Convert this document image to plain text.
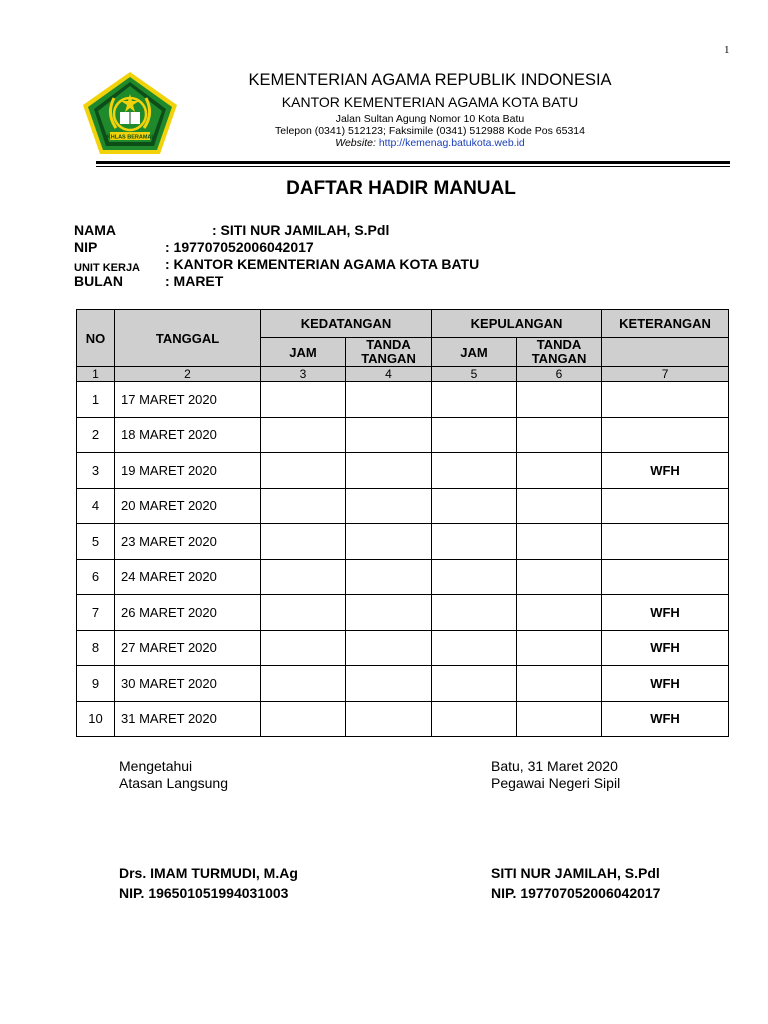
1
IKHLAS BERAMAL
KEMENTERIAN AGAMA REPUBLIK INDONESIA
KANTOR KEMENTERIAN AGAMA KOTA BATU
Jalan Sultan Agung Nomor 10 Kota Batu
Telepon (0341) 512123; Faksimile (0341) 512988 Kode Pos 65314
Website: http://kemenag.batukota.web.id
DAFTAR HADIR MANUAL
NAMA	: SITI NUR JAMILAH, S.Pdl
NIP	: 197707052006042017
UNIT KERJA : KANTOR KEMENTERIAN AGAMA KOTA BATU
BULAN	: MARET
NO	TANGGAL	KEDATANGAN		KEPULANGAN		KETERANGAN
		JAM	TANDA TANGAN	JAM	TANDA TANGAN	
1	2	3	4	5	6	7
1	17 MARET 2020					
2	18 MARET 2020					
3	19 MARET 2020					WFH
4	20 MARET 2020					
5	23 MARET 2020					
6	24 MARET 2020					
7	26 MARET 2020					WFH
8	27 MARET 2020					WFH
9	30 MARET 2020					WFH
10	31 MARET 2020					WFH
Mengetahui
Atasan Langsung
Drs. IMAM TURMUDI, M.Ag
NIP. 196501051994031003
Batu, 31 Maret 2020
Pegawai Negeri Sipil
SITI NUR JAMILAH, S.Pdl
NIP. 197707052006042017
